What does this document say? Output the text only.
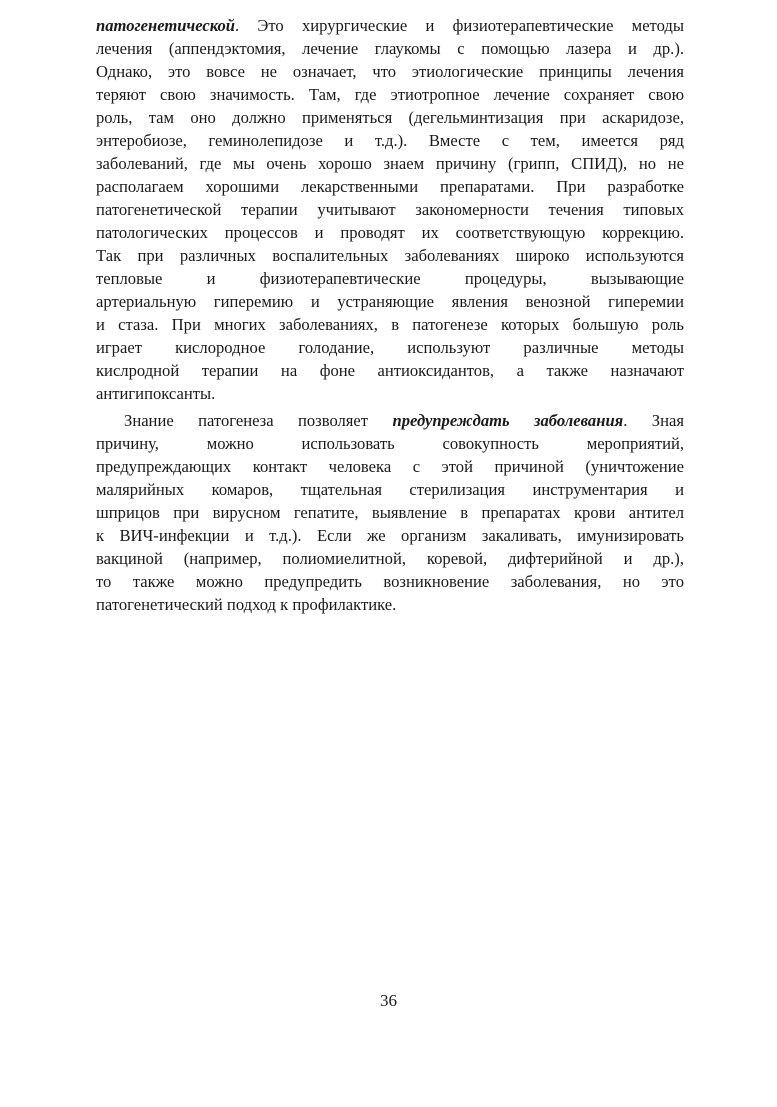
патогенетической. Это хирургические и физиотерапевтические методы
лечения (аппендэктомия, лечение глаукомы с помощью лазера и др.).
Однако, это вовсе не означает, что этиологические принципы лечения
теряют свою значимость. Там, где этиотропное лечение сохраняет свою
роль, там оно должно применяться (дегельминтизация при аскаридозе,
энтеробиозе, геминолепидозе и т.д.). Вместе с тем, имеется ряд
заболеваний, где мы очень хорошо знаем причину (грипп, СПИД), но не
располагаем хорошими лекарственными препаратами. При разработке
патогенетической терапии учитывают закономерности течения типовых
патологических процессов и проводят их соответствующую коррекцию.
Так при различных воспалительных заболеваниях широко используются
тепловые и физиотерапевтические процедуры, вызывающие
артериальную гиперемию и устраняющие явления венозной гиперемии
и стаза. При многих заболеваниях, в патогенезе которых большую роль
играет кислородное голодание, используют различные методы
кислродной терапии на фоне антиоксидантов, а также назначают
антигипоксанты.
Знание патогенеза позволяет предупреждать заболевания. Зная
причину, можно использовать совокупность мероприятий,
предупреждающих контакт человека с этой причиной (уничтожение
малярийных комаров, тщательная стерилизация инструментария и
шприцов при вирусном гепатите, выявление в препаратах крови антител
к ВИЧ-инфекции и т.д.). Если же организм закаливать, имунизировать
вакциной (например, полиомиелитной, коревой, дифтерийной и др.),
то также можно предупредить возникновение заболевания, но это
патогенетический подход к профилактике.
36
